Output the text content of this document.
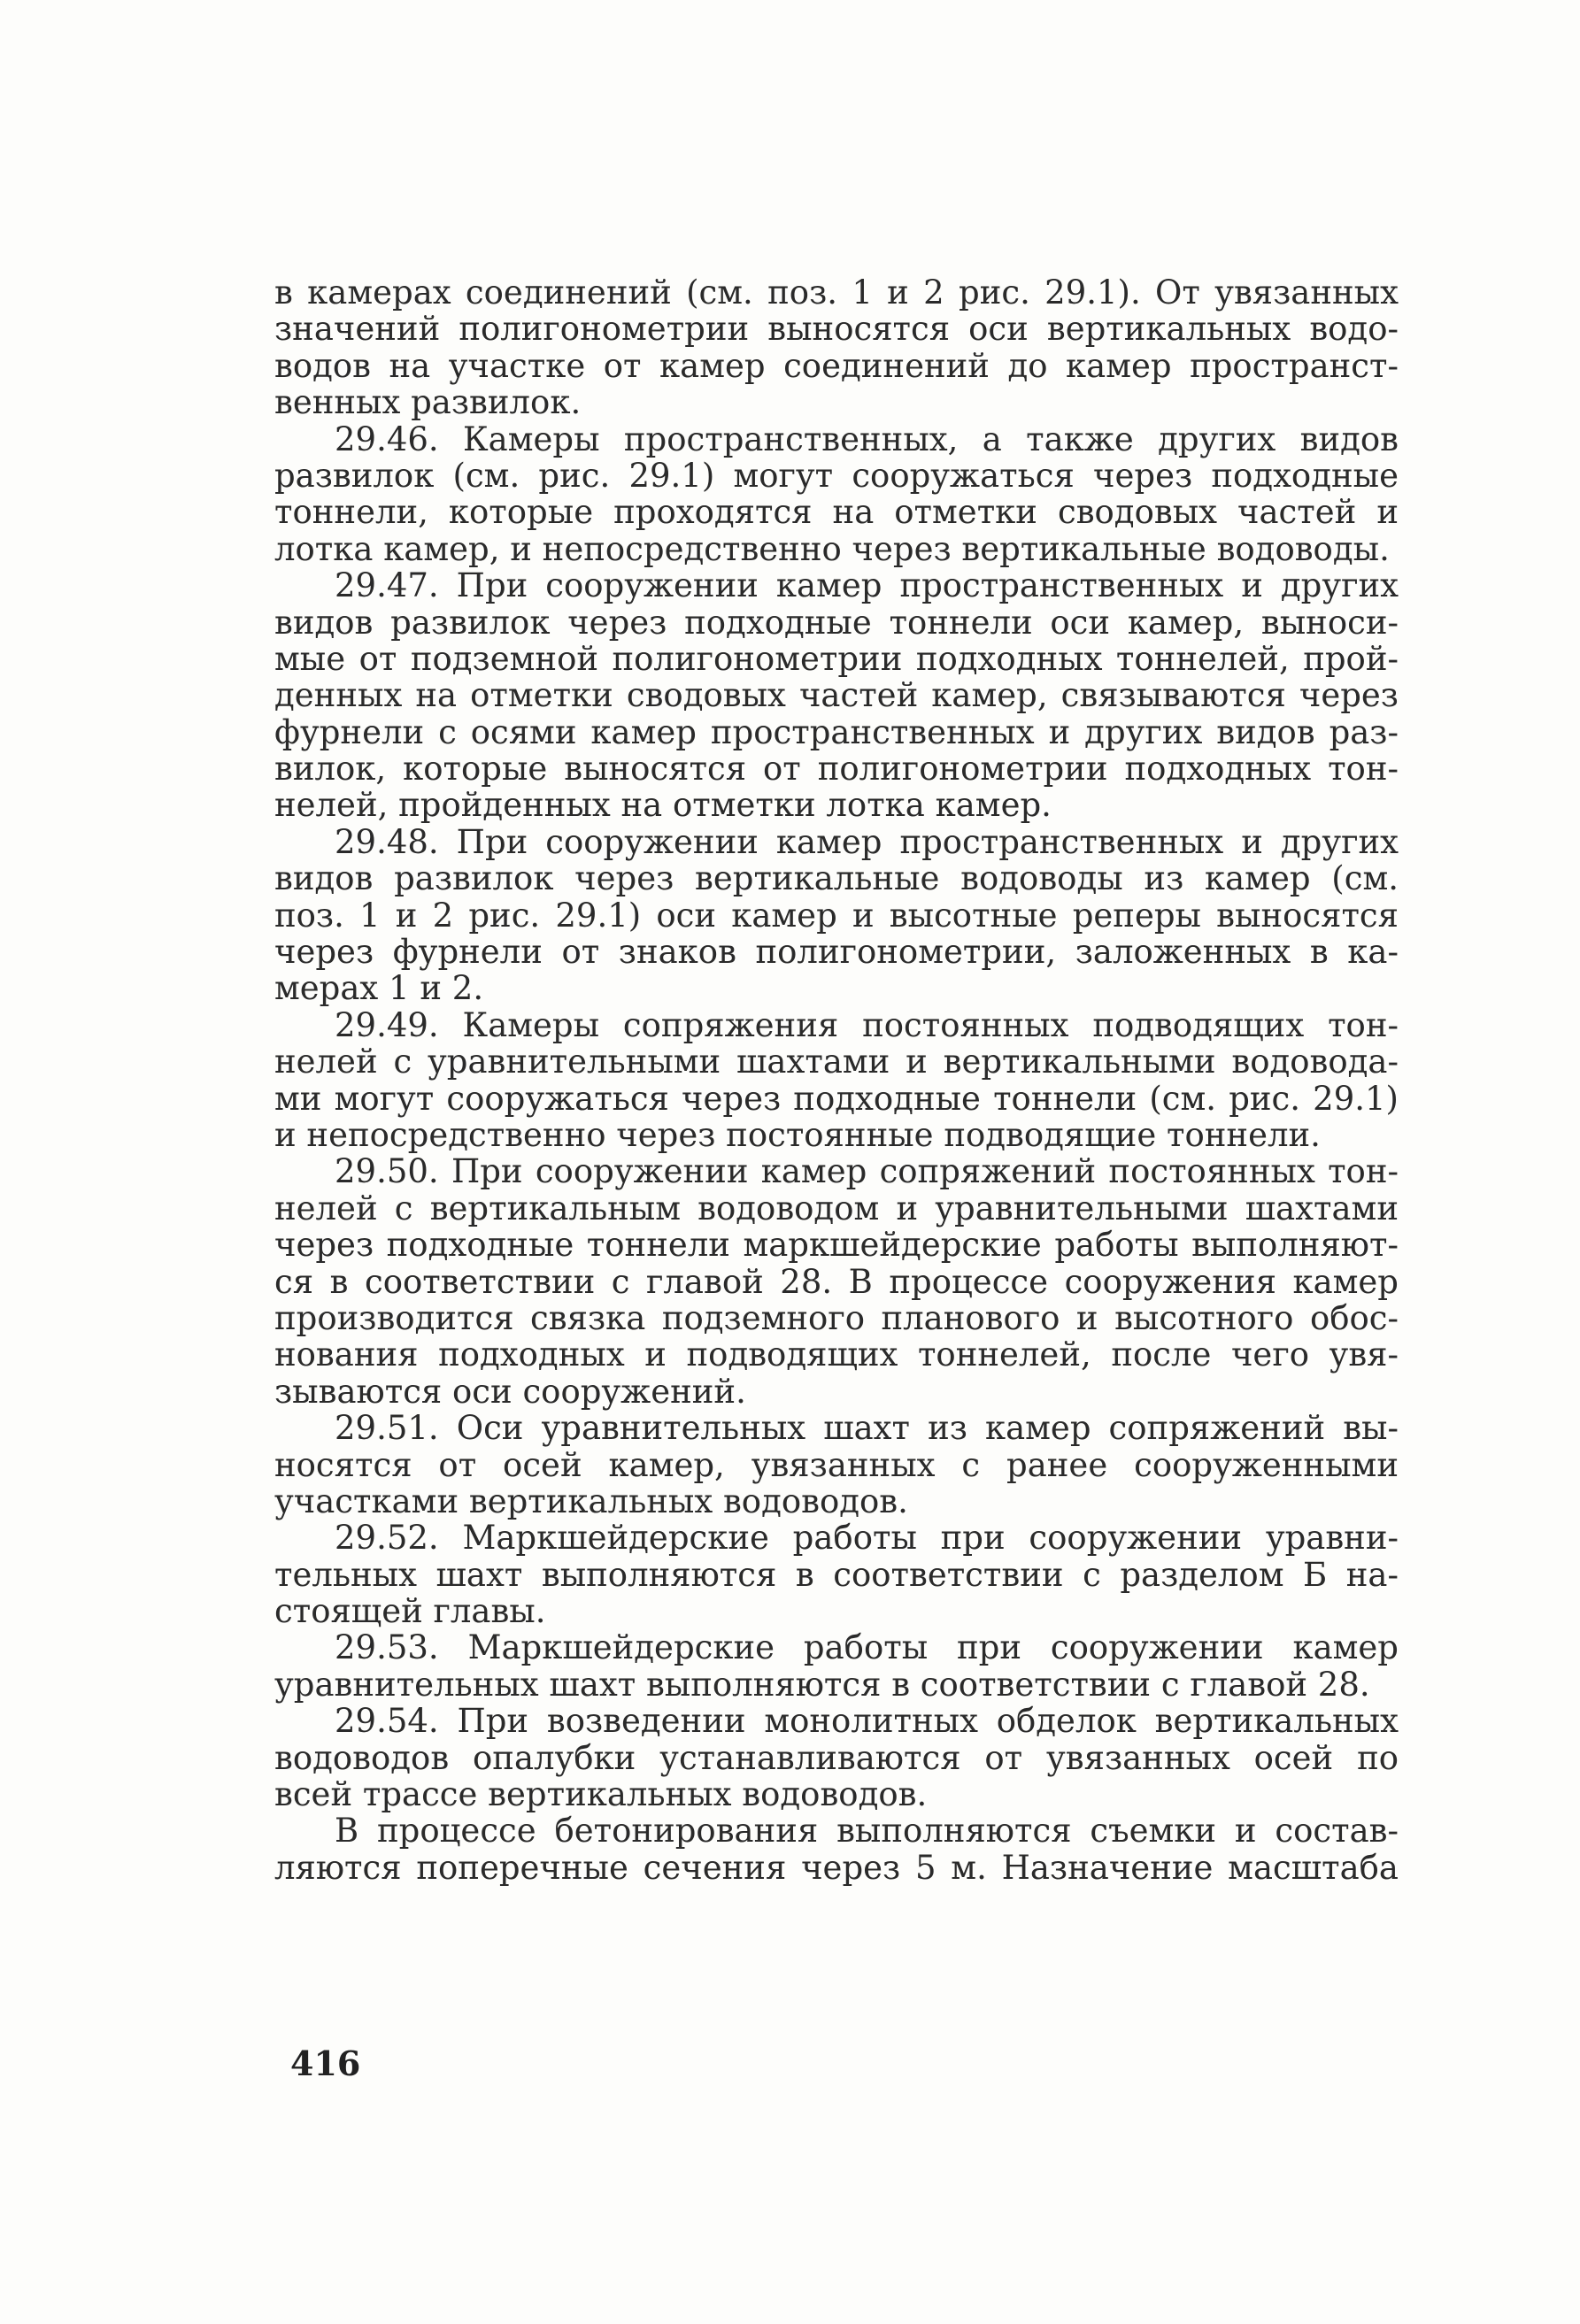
в камерах соединений (см. поз. 1 и 2 рис. 29.1). От увязанных
значений полигонометрии выносятся оси вертикальных водо-
водов на участке от камер соединений до камер пространст-
венных развилок.
29.46. Камеры пространственных, а также других видов
развилок (см. рис. 29.1) могут сооружаться через подходные
тоннели, которые проходятся на отметки сводовых частей и
лотка камер, и непосредственно через вертикальные водоводы.
29.47. При сооружении камер пространственных и других
видов развилок через подходные тоннели оси камер, выноси-
мые от подземной полигонометрии подходных тоннелей, прой-
денных на отметки сводовых частей камер, связываются через
фурнели с осями камер пространственных и других видов раз-
вилок, которые выносятся от полигонометрии подходных тон-
нелей, пройденных на отметки лотка камер.
29.48. При сооружении камер пространственных и других
видов развилок через вертикальные водоводы из камер (см.
поз. 1 и 2 рис. 29.1) оси камер и высотные реперы выносятся
через фурнели от знаков полигонометрии, заложенных в ка-
мерах 1 и 2.
29.49. Камеры сопряжения постоянных подводящих тон-
нелей с уравнительными шахтами и вертикальными водовода-
ми могут сооружаться через подходные тоннели (см. рис. 29.1)
и непосредственно через постоянные подводящие тоннели.
29.50. При сооружении камер сопряжений постоянных тон-
нелей с вертикальным водоводом и уравнительными шахтами
через подходные тоннели маркшейдерские работы выполняют-
ся в соответствии с главой 28. В процессе сооружения камер
производится связка подземного планового и высотного обос-
нования подходных и подводящих тоннелей, после чего увя-
зываются оси сооружений.
29.51. Оси уравнительных шахт из камер сопряжений вы-
носятся от осей камер, увязанных с ранее сооруженными
участками вертикальных водоводов.
29.52. Маркшейдерские работы при сооружении уравни-
тельных шахт выполняются в соответствии с разделом Б на-
стоящей главы.
29.53. Маркшейдерские работы при сооружении камер
уравнительных шахт выполняются в соответствии с главой 28.
29.54. При возведении монолитных обделок вертикальных
водоводов опалубки устанавливаются от увязанных осей по
всей трассе вертикальных водоводов.
В процессе бетонирования выполняются съемки и состав-
ляются поперечные сечения через 5 м. Назначение масштаба
416
